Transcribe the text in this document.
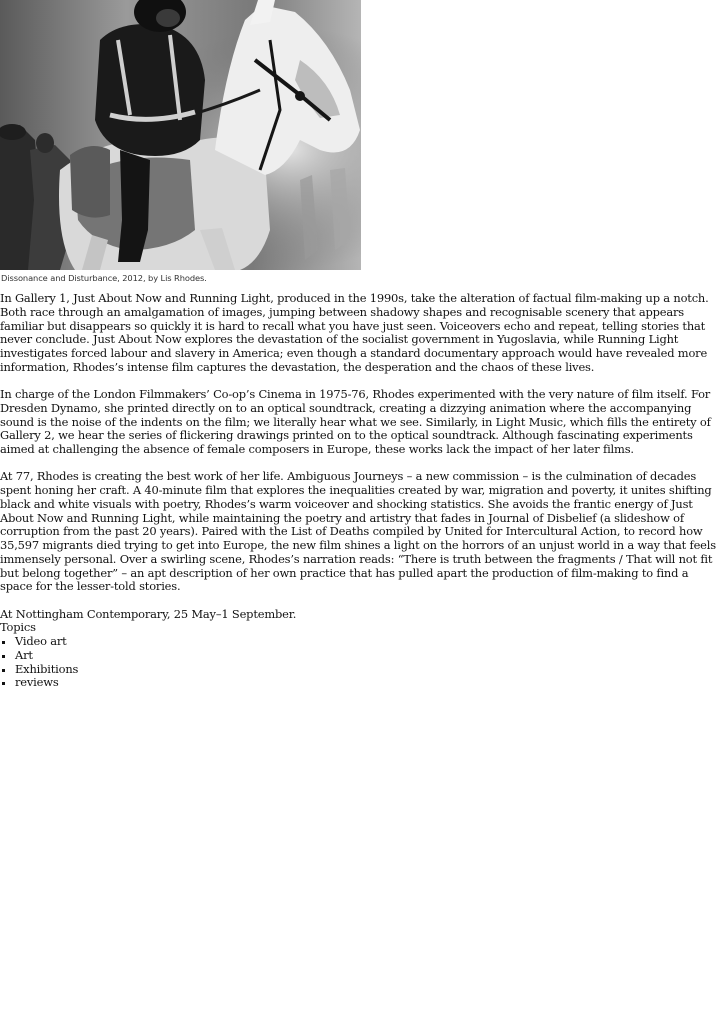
Dissonance and Disturbance, 2012, by Lis Rhodes.

In Gallery 1, Just About Now and Running Light, produced in the 1990s, take the alteration of factual film-making up a notch. Both race through an amalgamation of images, jumping between shadowy shapes and recognisable scenery that appears familiar but disappears so quickly it is hard to recall what you have just seen. Voiceovers echo and repeat, telling stories that never conclude. Just About Now explores the devastation of the socialist government in Yugoslavia, while Running Light investigates forced labour and slavery in America; even though a standard documentary approach would have revealed more information, Rhodes’s intense film captures the devastation, the desperation and the chaos of these lives.

In charge of the London Filmmakers’ Co-op’s Cinema in 1975-76, Rhodes experimented with the very nature of film itself. For Dresden Dynamo, she printed directly on to an optical soundtrack, creating a dizzying animation where the accompanying sound is the noise of the indents on the film; we literally hear what we see. Similarly, in Light Music, which fills the entirety of Gallery 2, we hear the series of flickering drawings printed on to the optical soundtrack. Although fascinating experiments aimed at challenging the absence of female composers in Europe, these works lack the impact of her later films.

At 77, Rhodes is creating the best work of her life. Ambiguous Journeys – a new commission – is the culmination of decades spent honing her craft. A 40-minute film that explores the inequalities created by war, migration and poverty, it unites shifting black and white visuals with poetry, Rhodes’s warm voiceover and shocking statistics. She avoids the frantic energy of Just About Now and Running Light, while maintaining the poetry and artistry that fades in Journal of Disbelief (a slideshow of corruption from the past 20 years). Paired with the List of Deaths compiled by United for Intercultural Action, to record how 35,597 migrants died trying to get into Europe, the new film shines a light on the horrors of an unjust world in a way that feels immensely personal. Over a swirling scene, Rhodes’s narration reads: “There is truth between the fragments / That will not fit but belong together” – an apt description of her own practice that has pulled apart the production of film-making to find a space for the lesser-told stories.

At Nottingham Contemporary, 25 May–1 September.

Topics
Video art
Art
Exhibitions
reviews
